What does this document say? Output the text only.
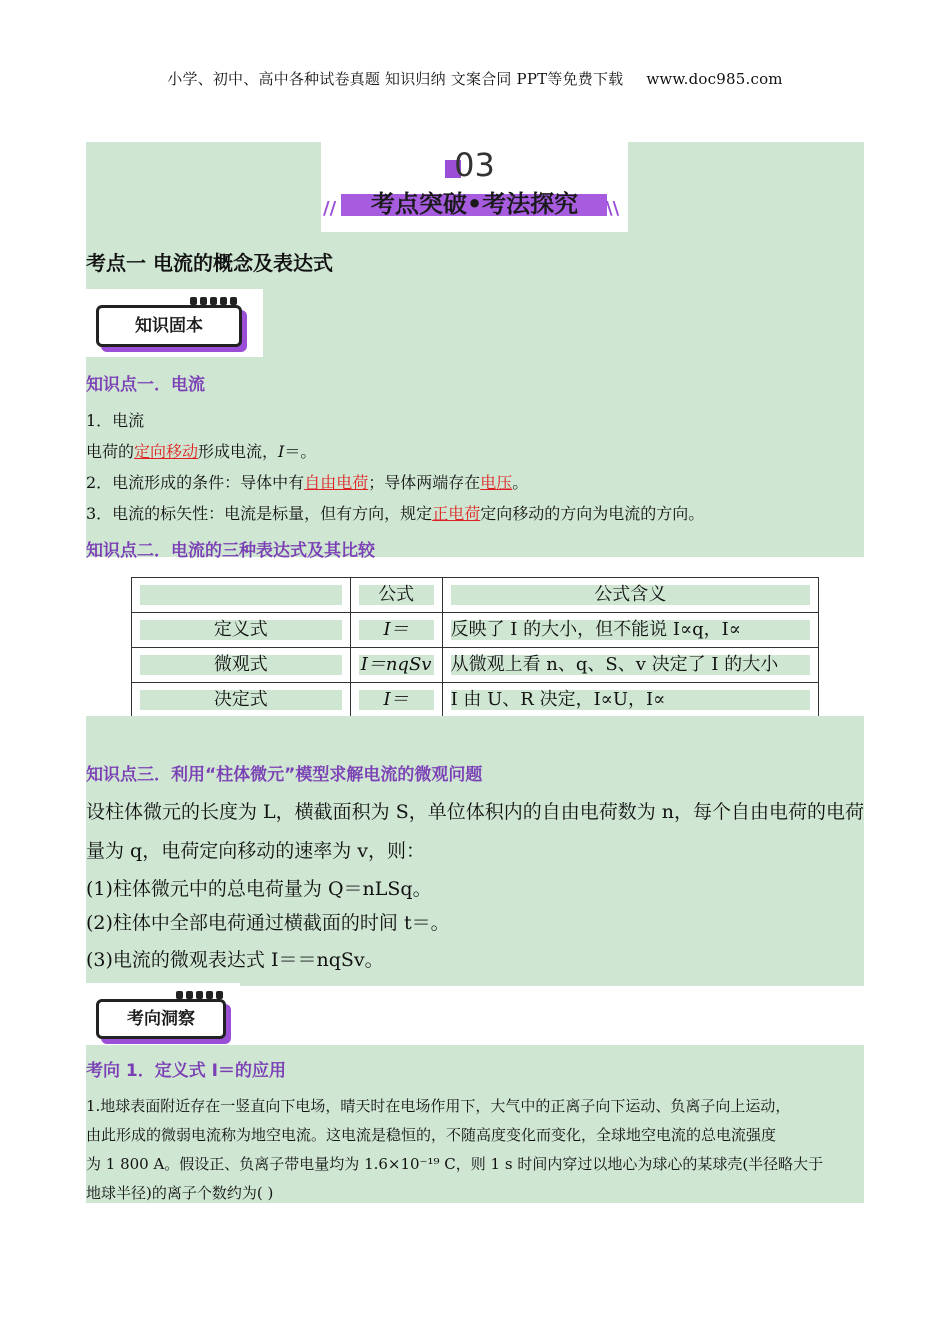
小学、初中、高中各种试卷真题 知识归纳 文案合同 PPT等免费下载 www.doc985.com
03
考点突破•考法探究
//	\\
考点一 电流的概念及表达式
知识固本
知识点一．电流
1．电流
电荷的定向移动形成电流，I＝。
2．电流形成的条件：导体中有自由电荷；导体两端存在电压。
3．电流的标矢性：电流是标量，但有方向，规定正电荷定向移动的方向为电流的方向。
知识点二．电流的三种表达式及其比较

	公式	公式含义

定义式	I＝	反映了 I 的大小，但不能说 I∝q，I∝

微观式	I＝nqSv	从微观上看 n、q、S、v 决定了 I 的大小

决定式	I＝	I 由 U、R 决定，I∝U，I∝
知识点三．利用“柱体微元”模型求解电流的微观问题
设柱体微元的长度为 L，横截面积为 S，单位体积内的自由电荷数为 n，每个自由电荷的电荷
量为 q，电荷定向移动的速率为 v，则：
(1)柱体微元中的总电荷量为 Q＝nLSq。
(2)柱体中全部电荷通过横截面的时间 t＝。
(3)电流的微观表达式 I＝＝nqSv。
考向洞察
考向 1．定义式 I＝的应用
1.地球表面附近存在一竖直向下电场，晴天时在电场作用下，大气中的正离子向下运动、负离子向上运动，
由此形成的微弱电流称为地空电流。这电流是稳恒的，不随高度变化而变化，全球地空电流的总电流强度
为 1 800 A。假设正、负离子带电量均为 1.6×10⁻¹⁹ C，则 1 s 时间内穿过以地心为球心的某球壳(半径略大于
地球半径)的离子个数约为( )
